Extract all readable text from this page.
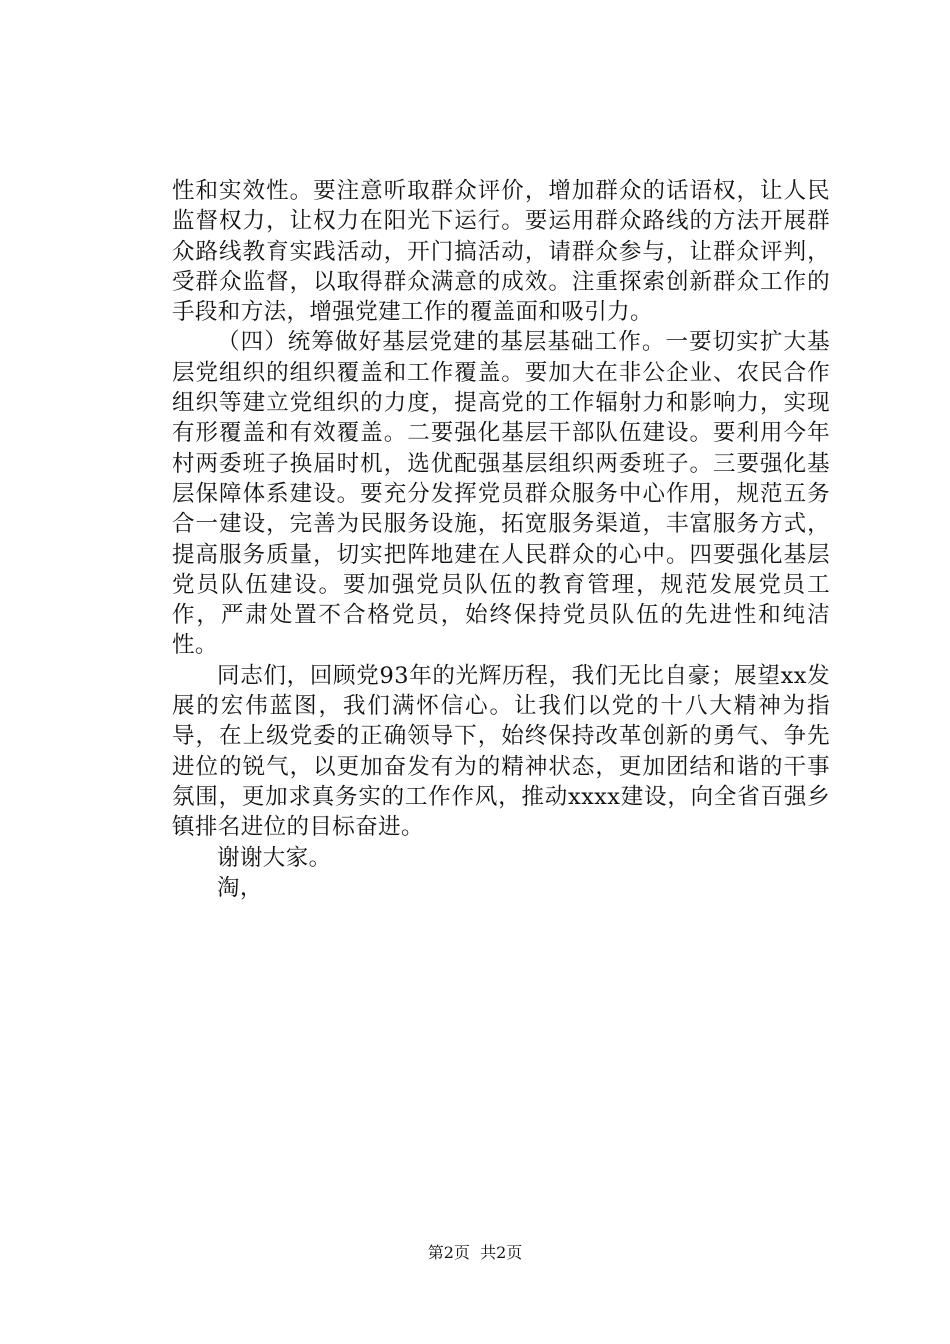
性和实效性。要注意听取群众评价，增加群众的话语权，让人民监督权力，让权力在阳光下运行。要运用群众路线的方法开展群众路线教育实践活动，开门搞活动，请群众参与，让群众评判，受群众监督，以取得群众满意的成效。注重探索创新群众工作的手段和方法，增强党建工作的覆盖面和吸引力。

（四）统筹做好基层党建的基层基础工作。一要切实扩大基层党组织的组织覆盖和工作覆盖。要加大在非公企业、农民合作组织等建立党组织的力度，提高党的工作辐射力和影响力，实现有形覆盖和有效覆盖。二要强化基层干部队伍建设。要利用今年村两委班子换届时机，选优配强基层组织两委班子。三要强化基层保障体系建设。要充分发挥党员群众服务中心作用，规范五务合一建设，完善为民服务设施，拓宽服务渠道，丰富服务方式，提高服务质量，切实把阵地建在人民群众的心中。四要强化基层党员队伍建设。要加强党员队伍的教育管理，规范发展党员工作，严肃处置不合格党员，始终保持党员队伍的先进性和纯洁性。

同志们，回顾党93年的光辉历程，我们无比自豪；展望xx发展的宏伟蓝图，我们满怀信心。让我们以党的十八大精神为指导，在上级党委的正确领导下，始终保持改革创新的勇气、争先进位的锐气，以更加奋发有为的精神状态，更加团结和谐的干事氛围，更加求真务实的工作作风，推动xxxx建设，向全省百强乡镇排名进位的目标奋进。

谢谢大家。

淘，

第2页  共2页
